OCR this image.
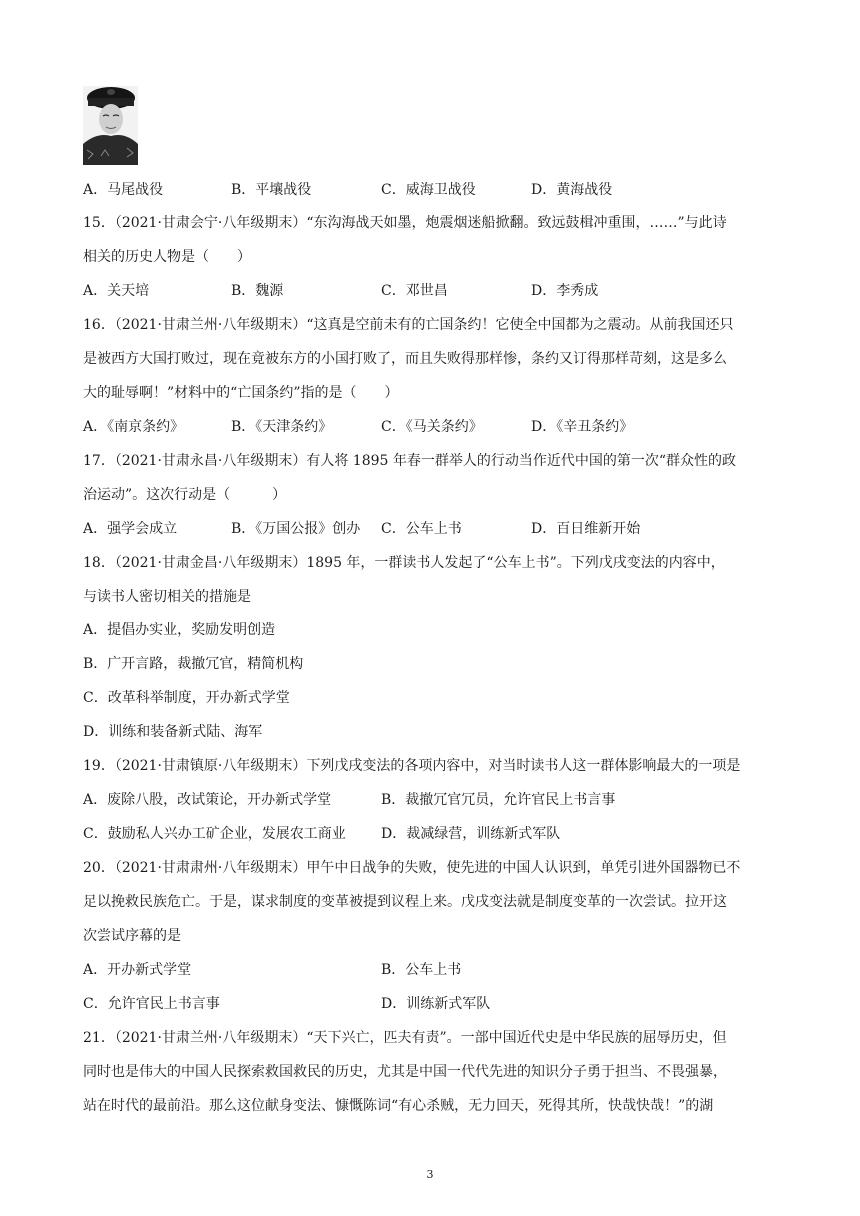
A．马尾战役	B．平壤战役	C．威海卫战役	D．黄海战役
15．（2021·甘肃会宁·八年级期末）“东沟海战天如墨，炮震烟迷船掀翻。致远鼓楫冲重围，……”与此诗
相关的历史人物是（　　）
A．关天培	B．魏源	C．邓世昌	D．李秀成
16．（2021·甘肃兰州·八年级期末）“这真是空前未有的亡国条约！它使全中国都为之震动。从前我国还只
是被西方大国打败过，现在竟被东方的小国打败了，而且失败得那样惨，条约又订得那样苛刻，这是多么
大的耻辱啊！”材料中的“亡国条约”指的是（　　）
A．《南京条约》	B．《天津条约》	C．《马关条约》	D．《辛丑条约》
17．（2021·甘肃永昌·八年级期末）有人将 1895 年春一群举人的行动当作近代中国的第一次“群众性的政
治运动”。这次行动是（　　　）
A．强学会成立	B．《万国公报》创办 C．公车上书	D．百日维新开始
18．（2021·甘肃金昌·八年级期末）1895 年，一群读书人发起了“公车上书”。下列戊戌变法的内容中，
与读书人密切相关的措施是
A．提倡办实业，奖励发明创造
B．广开言路，裁撤冗官，精简机构
C．改革科举制度，开办新式学堂
D．训练和装备新式陆、海军
19．（2021·甘肃镇原·八年级期末）下列戊戌变法的各项内容中，对当时读书人这一群体影响最大的一项是
A．废除八股，改试策论，开办新式学堂	B．裁撤冗官冗员，允许官民上书言事
C．鼓励私人兴办工矿企业，发展农工商业	D．裁减绿营，训练新式军队
20．（2021·甘肃肃州·八年级期末）甲午中日战争的失败，使先进的中国人认识到，单凭引进外国器物已不
足以挽救民族危亡。于是，谋求制度的变革被提到议程上来。戊戌变法就是制度变革的一次尝试。拉开这
次尝试序幕的是
A．开办新式学堂	B．公车上书
C．允许官民上书言事	D．训练新式军队
21．（2021·甘肃兰州·八年级期末）“天下兴亡，匹夫有责”。一部中国近代史是中华民族的屈辱历史，但
同时也是伟大的中国人民探索救国救民的历史，尤其是中国一代代先进的知识分子勇于担当、不畏强暴，
站在时代的最前沿。那么这位献身变法、慷慨陈词“有心杀贼，无力回天，死得其所，快哉快哉！”的湖
3
